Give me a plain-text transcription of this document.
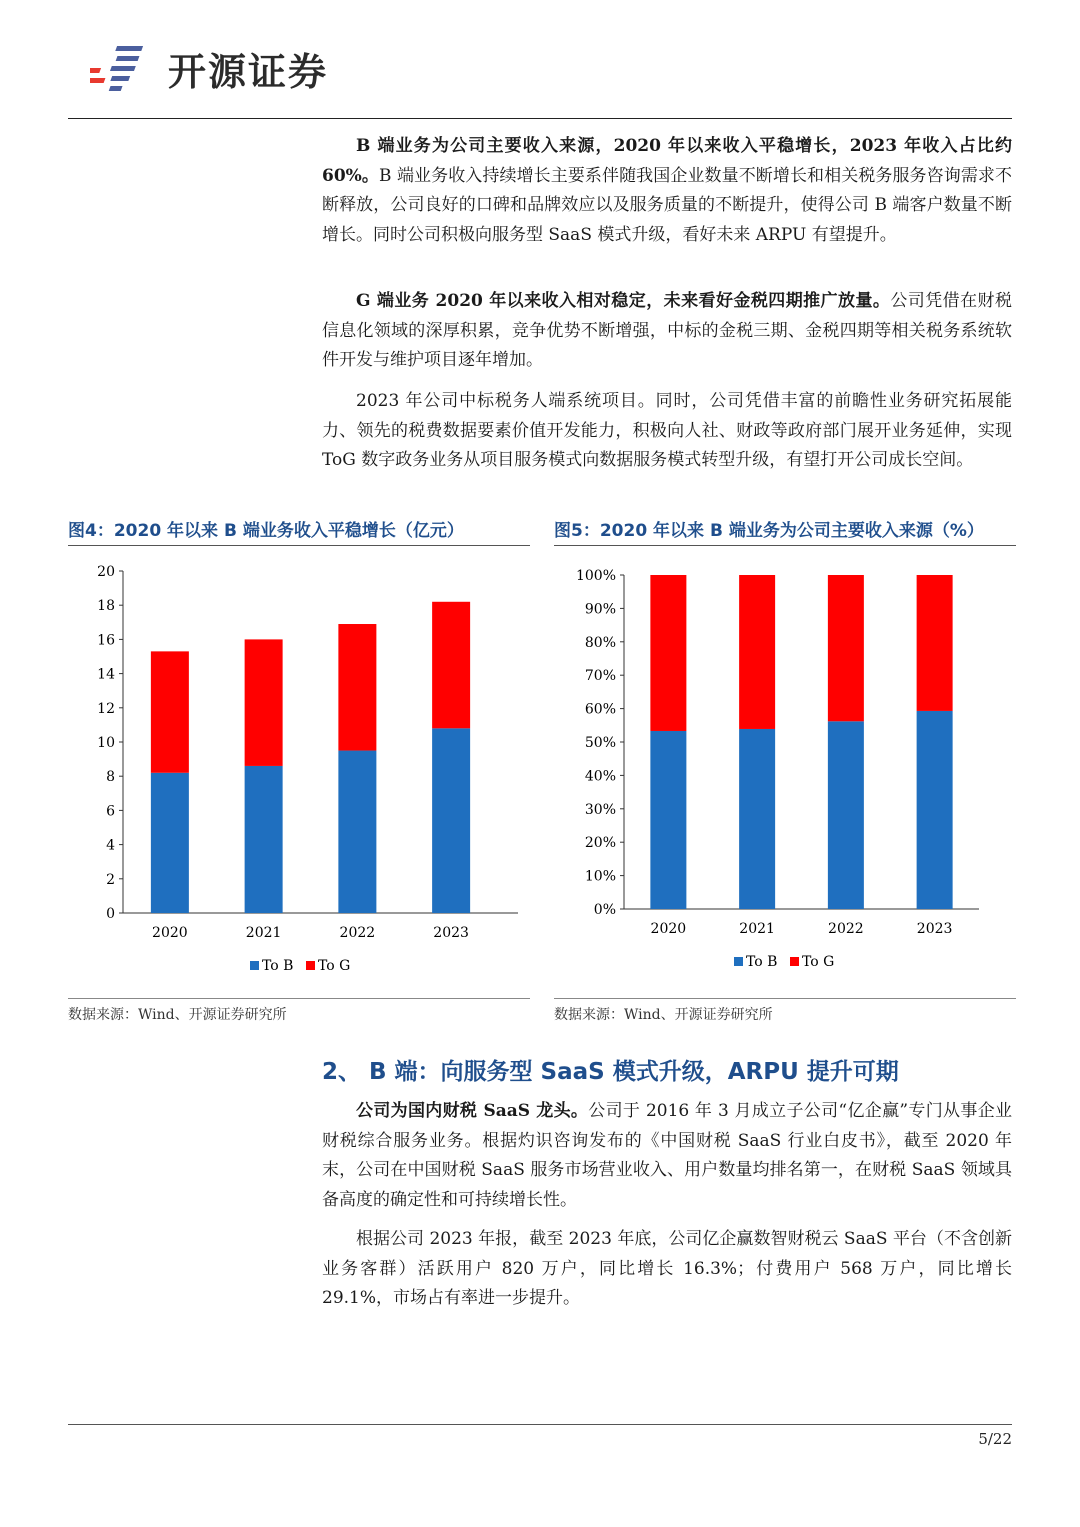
开源证券

B 端业务为公司主要收入来源，2020 年以来收入平稳增长，2023 年收入占比约 60%。B 端业务收入持续增长主要系伴随我国企业数量不断增长和相关税务服务咨询需求不断释放，公司良好的口碑和品牌效应以及服务质量的不断提升，使得公司 B 端客户数量不断增长。同时公司积极向服务型 SaaS 模式升级，看好未来 ARPU 有望提升。

G 端业务 2020 年以来收入相对稳定，未来看好金税四期推广放量。公司凭借在财税信息化领域的深厚积累，竞争优势不断增强，中标的金税三期、金税四期等相关税务系统软件开发与维护项目逐年增加。

2023 年公司中标税务人端系统项目。同时，公司凭借丰富的前瞻性业务研究拓展能力、领先的税费数据要素价值开发能力，积极向人社、财政等政府部门展开业务延伸，实现 ToG 数字政务业务从项目服务模式向数据服务模式转型升级，有望打开公司成长空间。

图4：2020 年以来 B 端业务收入平稳增长（亿元）	图5：2020 年以来 B 端业务为公司主要收入来源（%）
0
2
4
6
8
10
12
14
16
18
20
2020	2021	2022	2023
To B To G
0%
10%
20%
30%
40%
50%
60%
70%
80%
90%
100%
2020	2021	2022	2023
To B To G
数据来源：Wind、开源证券研究所	数据来源：Wind、开源证券研究所
2、 B 端：向服务型 SaaS 模式升级，ARPU 提升可期

公司为国内财税 SaaS 龙头。公司于 2016 年 3 月成立子公司“亿企赢”专门从事企业财税综合服务业务。根据灼识咨询发布的《中国财税 SaaS 行业白皮书》，截至 2020 年末，公司在中国财税 SaaS 服务市场营业收入、用户数量均排名第一，在财税 SaaS 领域具备高度的确定性和可持续增长性。

根据公司 2023 年报，截至 2023 年底，公司亿企赢数智财税云 SaaS 平台（不含创新业务客群）活跃用户 820 万户，同比增长 16.3%；付费用户 568 万户，同比增长 29.1%，市场占有率进一步提升。

5/22
